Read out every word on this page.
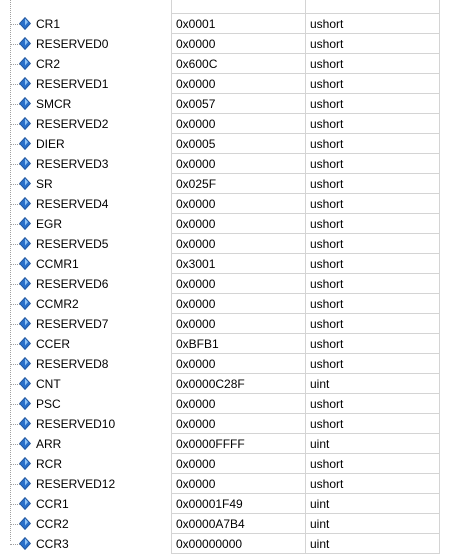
CR1	0x0001	ushort
RESERVED0	0x0000	ushort
CR2	0x600C	ushort
RESERVED1	0x0000	ushort
SMCR	0x0057	ushort
RESERVED2	0x0000	ushort
DIER	0x0005	ushort
RESERVED3	0x0000	ushort
SR	0x025F	ushort
RESERVED4	0x0000	ushort
EGR	0x0000	ushort
RESERVED5	0x0000	ushort
CCMR1	0x3001	ushort
RESERVED6	0x0000	ushort
CCMR2	0x0000	ushort
RESERVED7	0x0000	ushort
CCER	0xBFB1	ushort
RESERVED8	0x0000	ushort
CNT	0x0000C28F	uint
PSC	0x0000	ushort
RESERVED10	0x0000	ushort
ARR	0x0000FFFF	uint
RCR	0x0000	ushort
RESERVED12	0x0000	ushort
CCR1	0x00001F49	uint
CCR2	0x0000A7B4	uint
CCR3	0x00000000	uint
